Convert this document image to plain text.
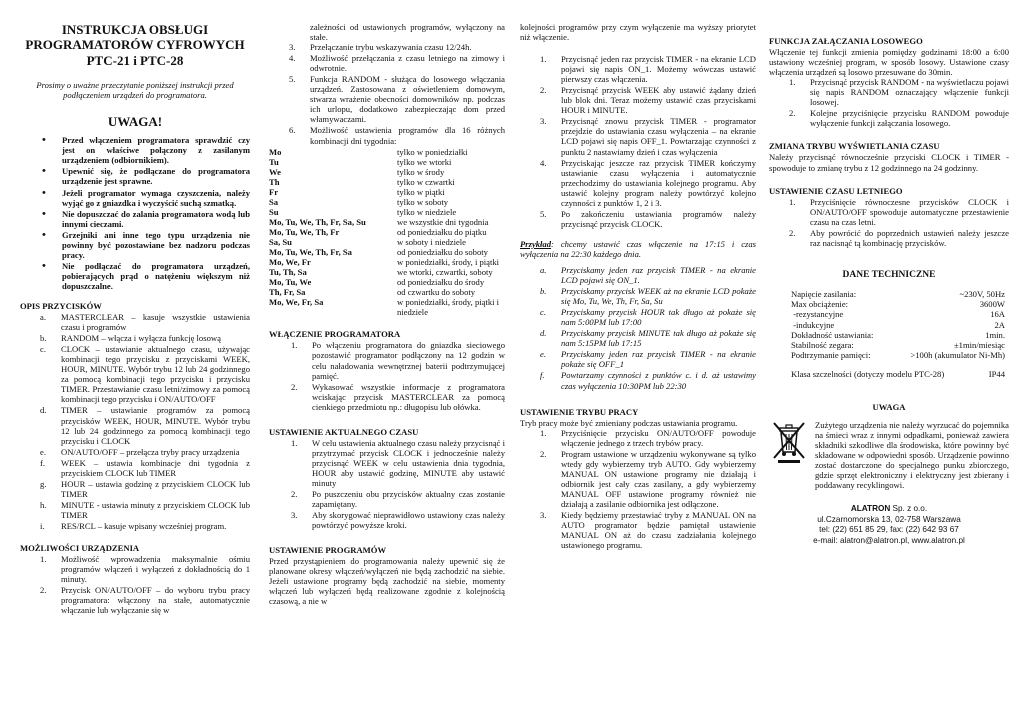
INSTRUKCJA OBSŁUGI
PROGRAMATORÓW CYFROWYCH
PTC-21 i PTC-28

Prosimy o uważne przeczytanie poniższej instrukcji przed podłączeniem urządzeń do programatora.

UWAGA!
• Przed włączeniem programatora sprawdzić czy jest on właściwe połączony z zasilanym urządzeniem (odbiornikiem).
• Upewnić się, że podłączane do programatora urządzenie jest sprawne.
• Jeżeli programator wymaga czyszczenia, należy wyjąć go z gniazdka i wyczyścić suchą szmatką.
• Nie dopuszczać do zalania programatora wodą lub innymi cieczami.
• Grzejniki ani inne tego typu urządzenia nie powinny być pozostawiane bez nadzoru podczas pracy.
• Nie podłączać do programatora urządzeń, pobierających prąd o natężeniu większym niż dopuszczalne.
OPIS PRZYCISKÓW
a. MASTERCLEAR – kasuje wszystkie ustawienia czasu i programów
b. RANDOM – włącza i wyłącza funkcję losową
c. CLOCK – ustawianie aktualnego czasu, używając kombinacji tego przycisku z przyciskami WEEK, HOUR, MINUTE. Wybór trybu 12 lub 24 godzinnego za pomocą kombinacji tego przycisku i przycisku TIMER. Przestawianie czasu letni/zimowy za pomocą kombinacji tego przycisku i ON/AUTO/OFF
d. TIMER – ustawianie programów za pomocą przycisków WEEK, HOUR, MINUTE. Wybór trybu 12 lub 24 godzinnego za pomocą kombinacji tego przycisku i CLOCK
e. ON/AUTO/OFF – przełącza tryby pracy urządzenia
f. WEEK – ustawia kombinacje dni tygodnia z przyciskiem CLOCK lub TIMER
g. HOUR – ustawia godzinę z przyciskiem CLOCK lub TIMER
h. MINUTE - ustawia minuty z przyciskiem CLOCK lub TIMER
i. RES/RCL – kasuje wpisany wcześniej program.
MOŻLIWOŚCI URZĄDZENIA
1. Możliwość wprowadzenia maksymalnie ośmiu programów włączeń i wyłączeń z dokładnością do 1 minuty.
2. Przycisk ON/AUTO/OFF – do wyboru trybu pracy programatora: włączony na stałe, automatycznie włączanie lub wyłączanie się w

zależności od ustawionych programów, wyłączony na stałe.

3. Przełączanie trybu wskazywania czasu 12/24h.
4. Możliwość przełączania z czasu letniego na zimowy i odwrotnie.
5. Funkcja RANDOM - służąca do losowego włączania urządzeń. Zastosowana z oświetleniem domowym, stwarza wrażenie obecności domowników np. podczas ich urlopu, dodatkowo zabezpieczając dom przed włamywaczami.
6. Możliwość ustawienia programów dla 16 różnych kombinacji dni tygodnia:
Mo	tylko w poniedziałki
Tu	tylko we wtorki
We	tylko w środy
Th	tylko w czwartki
Fr	tylko w piątki
Sa	tylko w soboty
Su	tylko w niedziele
Mo, Tu, We, Th, Fr, Sa, Su	we wszystkie dni tygodnia
Mo, Tu, We, Th, Fr	od poniedziałku do piątku
Sa, Su	w soboty i niedziele
Mo, Tu, We, Th, Fr, Sa	od poniedziałku do soboty
Mo, We, Fr	w poniedziałki, środy, i piątki
Tu, Th, Sa	we wtorki, czwartki, soboty
Mo, Tu, We	od poniedziałku do środy
Th, Fr, Sa	od czwartku do soboty
Mo, We, Fr, Sa	w poniedziałki, środy, piątki i niedziele
WŁĄCZENIE PROGRAMATORA
1. Po włączeniu programatora do gniazdka sieciowego pozostawić programator podłączony na 12 godzin w celu naładowania wewnętrznej baterii podtrzymującej pamięć.
2. Wykasować wszystkie informacje z programatora wciskając przycisk MASTERCLEAR za pomocą cienkiego przedmiotu np.: długopisu lub ołówka.
USTAWIENIE AKTUALNEGO CZASU
1. W celu ustawienia aktualnego czasu należy przycisnąć i przytrzymać przycisk CLOCK i jednocześnie należy przycisnąć WEEK w celu ustawienia dnia tygodnia, HOUR aby ustawić godzinę, MINUTE aby ustawić minuty
2. Po puszczeniu obu przycisków aktualny czas zostanie zapamiętany.
3. Aby skorygować nieprawidłowo ustawiony czas należy powtórzyć powyższe kroki.
USTAWIENIE PROGRAMÓW

Przed przystąpieniem do programowania należy upewnić się że planowane okresy włączeń/wyłączeń nie będą zachodzić na siebie. Jeżeli ustawione programy będą zachodzić na siebie, momenty włączeń lub wyłączeń będą realizowane zgodnie z kolejnością czasową, a nie w

kolejności programów przy czym wyłączenie ma wyższy priorytet niż włączenie.

1. Przycisnąć jeden raz przycisk TIMER - na ekranie LCD pojawi się napis ON_1. Możemy wówczas ustawić pierwszy czas włączenia.
2. Przycisnąć przycisk WEEK aby ustawić żądany dzień lub blok dni. Teraz możemy ustawić czas przyciskami HOUR i MINUTE.
3. Przycisnąć znowu przycisk TIMER - programator przejdzie do ustawiania czasu wyłączenia – na ekranie LCD pojawi się napis OFF_1. Powtarzając czynności z punktu 2 nastawiamy dzień i czas wyłączenia
4. Przyciskając jeszcze raz przycisk TIMER kończymy ustawianie czasu wyłączenia i automatycznie przechodzimy do ustawiania kolejnego programu. Aby ustawić kolejny program należy powtórzyć kolejno czynności z punktów 1, 2 i 3.
5. Po zakończeniu ustawiania programów należy przycisnąć przycisk CLOCK.

Przykład: chcemy ustawić czas włączenie na 17:15 i czas wyłączenia na 22:30 każdego dnia.

a. Przyciskamy jeden raz przycisk TIMER - na ekranie LCD pojawi się ON_1.
b. Przyciskamy przycisk WEEK aż na ekranie LCD pokaże się Mo, Tu, We, Th, Fr, Sa, Su
c. Przyciskamy przycisk HOUR tak długo aż pokaże się nam 5:00PM lub 17:00
d. Przyciskamy przycisk MINUTE tak długo aż pokaże się nam 5:15PM lub 17:15
e. Przyciskamy jeden raz przycisk TIMER - na ekranie pokaże się OFF_1
f. Powtarzamy czynności z punktów c. i d. aż ustawimy czas wyłączenia 10:30PM lub 22:30
USTAWIENIE TRYBU PRACY

Tryb pracy może być zmieniany podczas ustawiania programu.

1. Przyciśnięcie przycisku ON/AUTO/OFF powoduje włączenie jednego z trzech trybów pracy.
2. Program ustawione w urządzeniu wykonywane są tylko wtedy gdy wybierzemy tryb AUTO. Gdy wybierzemy MANUAL ON ustawione programy nie działają i odbiornik jest cały czas zasilany, a gdy wybierzemy MANUAL OFF ustawione programy również nie działają a zasilanie odbiornika jest odłączone.
3. Kiedy będziemy przestawiać tryby z MANUAL ON na AUTO programator będzie pamiętał ustawienie MANUAL ON aż do czasu zadziałania kolejnego ustawionego programu.
FUNKCJA ZAŁĄCZANIA LOSOWEGO

Włączenie tej funkcji zmienia pomiędzy godzinami 18:00 a 6:00 ustawiony wcześniej program, w sposób losowy. Ustawione czasy włączenia urządzeń są losowo przesuwane do 30min.

1. Przycisnąć przycisk RANDOM - na wyświetlaczu pojawi się napis RANDOM oznaczający włączenie funkcji losowej.
2. Kolejne przyciśnięcie przycisku RANDOM powoduje wyłączenie funkcji załączania losowego.
ZMIANA TRYBU WYŚWIETLANIA CZASU

Należy przycisnąć równocześnie przyciski CLOCK i TIMER - spowoduje to zmianę trybu z 12 godzinnego na 24 godzinny.

USTAWIENIE CZASU LETNIEGO
1. Przyciśnięcie równoczesne przycisków CLOCK i ON/AUTO/OFF spowoduje automatyczne przestawienie czasu na czas letni.
2. Aby powrócić do poprzednich ustawień należy jeszcze raz nacisnąć tą kombinację przycisków.
DANE TECHNICZNE
Napięcie zasilania:	~230V, 50Hz
Max obciążenie:	3600W
-rezystancyjne	16A
-indukcyjne	2A
Dokładność ustawiania:	1min.
Stabilność zegara:	±1min/miesiąc
Podtrzymanie pamięci:	>100h (akumulator Ni-Mh)
Klasa szczelności (dotyczy modelu PTC-28)	IP44
UWAGA

Zużytego urządzenia nie należy wyrzucać do pojemnika na śmieci wraz z innymi odpadkami, ponieważ zawiera składniki szkodliwe dla środowiska, które powinny być składowane w odpowiedni sposób. Urządzenie powinno zostać dostarczone do specjalnego punku zbiorczego, gdzie sprzęt elektroniczny i elektryczny jest zbierany i poddawany recyklingowi.

ALATRON Sp. z o.o.
ul.Czarnomorska 13, 02-758 Warszawa
tel: (22) 651 85 29, fax: (22) 642 93 67
e-mail: alatron@alatron.pl, www.alatron.pl
